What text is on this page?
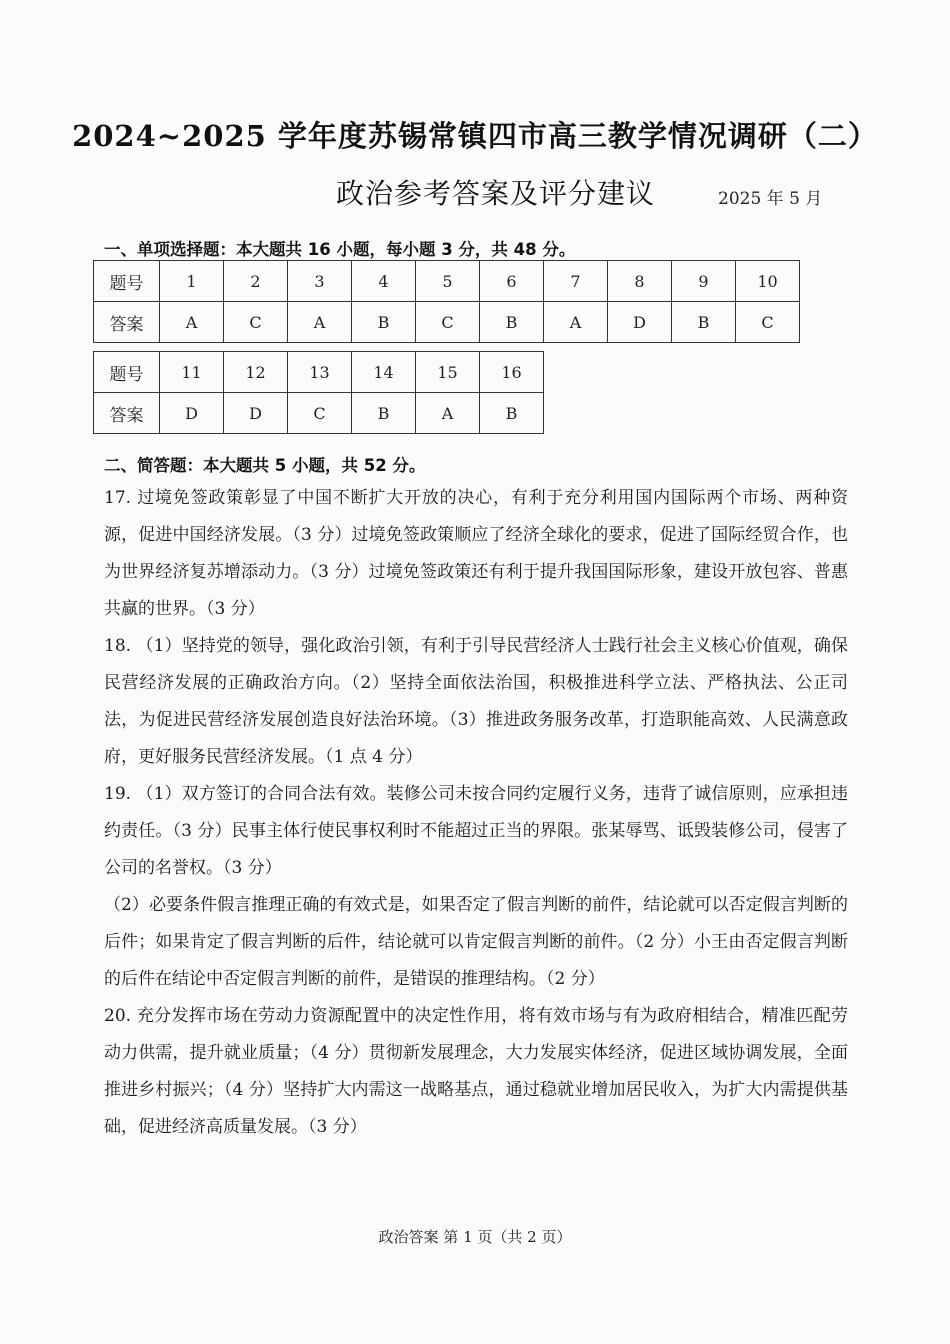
2024~2025 学年度苏锡常镇四市高三教学情况调研（二）
政治参考答案及评分建议	2025 年 5 月
一、单项选择题：本大题共 16 小题，每小题 3 分，共 48 分。
题号	1	2	3	4	5	6	7	8	9	10
答案	A	C	A	B	C	B	A	D	B	C
题号	11	12	13	14	15	16
答案	D	D	C	B	A	B
二、简答题：本大题共 5 小题，共 52 分。

17. 过境免签政策彰显了中国不断扩大开放的决心，有利于充分利用国内国际两个市场、两种资源，促进中国经济发展。（3 分）过境免签政策顺应了经济全球化的要求，促进了国际经贸合作，也为世界经济复苏增添动力。（3 分）过境免签政策还有利于提升我国国际形象，建设开放包容、普惠共赢的世界。（3 分）

18. （1）坚持党的领导，强化政治引领，有利于引导民营经济人士践行社会主义核心价值观，确保民营经济发展的正确政治方向。（2）坚持全面依法治国，积极推进科学立法、严格执法、公正司法，为促进民营经济发展创造良好法治环境。（3）推进政务服务改革，打造职能高效、人民满意政府，更好服务民营经济发展。（1 点 4 分）

19. （1）双方签订的合同合法有效。装修公司未按合同约定履行义务，违背了诚信原则，应承担违约责任。（3 分）民事主体行使民事权利时不能超过正当的界限。张某辱骂、诋毁装修公司，侵害了公司的名誉权。（3 分）

（2）必要条件假言推理正确的有效式是，如果否定了假言判断的前件，结论就可以否定假言判断的后件；如果肯定了假言判断的后件，结论就可以肯定假言判断的前件。（2 分）小王由否定假言判断的后件在结论中否定假言判断的前件，是错误的推理结构。（2 分）

20. 充分发挥市场在劳动力资源配置中的决定性作用，将有效市场与有为政府相结合，精准匹配劳动力供需，提升就业质量；（4 分）贯彻新发展理念，大力发展实体经济，促进区域协调发展，全面推进乡村振兴；（4 分）坚持扩大内需这一战略基点，通过稳就业增加居民收入，为扩大内需提供基础，促进经济高质量发展。（3 分）

政治答案 第 1 页（共 2 页）
